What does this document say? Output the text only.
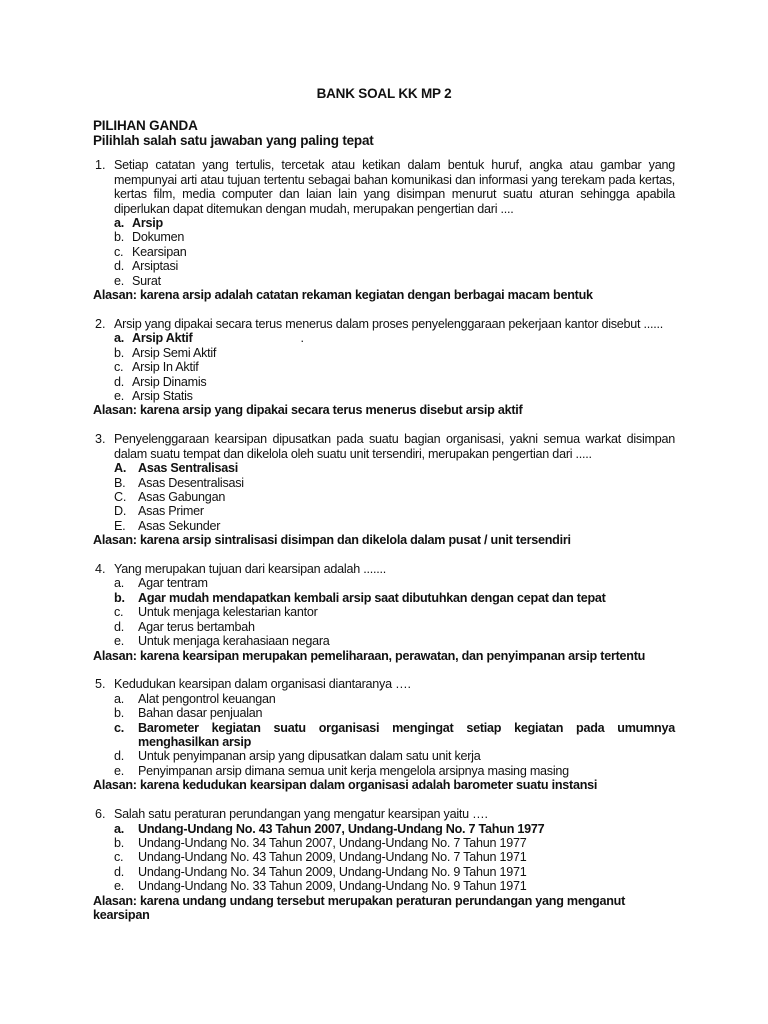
BANK SOAL KK MP 2
PILIHAN GANDA
Pilihlah salah satu jawaban yang paling tepat
1. Setiap catatan yang tertulis, tercetak atau ketikan dalam bentuk huruf, angka atau gambar yang mempunyai arti atau tujuan tertentu sebagai bahan komunikasi dan informasi yang terekam pada kertas, kertas film, media computer dan laian lain yang disimpan menurut suatu aturan sehingga apabila diperlukan dapat ditemukan dengan mudah, merupakan pengertian dari ....
a. Arsip
b. Dokumen
c. Kearsipan
d. Arsiptasi
e. Surat
Alasan: karena arsip adalah catatan rekaman kegiatan dengan berbagai macam bentuk
2. Arsip yang dipakai secara terus menerus dalam proses penyelenggaraan pekerjaan kantor disebut ......
a. Arsip Aktif	.
b. Arsip Semi Aktif
c. Arsip In Aktif
d. Arsip Dinamis
e. Arsip Statis
Alasan: karena arsip yang dipakai secara terus menerus disebut arsip aktif
3. Penyelenggaraan kearsipan dipusatkan pada suatu bagian organisasi, yakni semua warkat disimpan dalam suatu tempat dan dikelola oleh suatu unit tersendiri, merupakan pengertian dari .....
A. Asas Sentralisasi
B. Asas Desentralisasi
C. Asas Gabungan
D. Asas Primer
E. Asas Sekunder
Alasan: karena arsip sintralisasi disimpan dan dikelola dalam pusat / unit tersendiri
4. Yang merupakan tujuan dari kearsipan adalah .......
a.	Agar tentram
b.	Agar mudah mendapatkan kembali arsip saat dibutuhkan dengan cepat dan tepat
c.	Untuk menjaga kelestarian kantor
d.	Agar terus bertambah
e.	Untuk menjaga kerahasiaan negara
Alasan: karena kearsipan merupakan pemeliharaan, perawatan, dan penyimpanan arsip tertentu
5. Kedudukan kearsipan dalam organisasi diantaranya ….
a.	Alat pengontrol keuangan
b.	Bahan dasar penjualan
c.	Barometer kegiatan suatu organisasi mengingat setiap kegiatan pada umumnya menghasilkan arsip
d.	Untuk penyimpanan arsip yang dipusatkan dalam satu unit kerja
e.	Penyimpanan arsip dimana semua unit kerja mengelola arsipnya masing masing
Alasan: karena kedudukan kearsipan dalam organisasi adalah barometer suatu instansi
6. Salah satu peraturan perundangan yang mengatur kearsipan yaitu ….
a.	Undang-Undang No. 43 Tahun 2007, Undang-Undang No. 7 Tahun 1977
b.	Undang-Undang No. 34 Tahun 2007, Undang-Undang No. 7 Tahun 1977
c.	Undang-Undang No. 43 Tahun 2009, Undang-Undang No. 7 Tahun 1971
d.	Undang-Undang No. 34 Tahun 2009, Undang-Undang No. 9 Tahun 1971
e.	Undang-Undang No. 33 Tahun 2009, Undang-Undang No. 9 Tahun 1971
Alasan: karena undang undang tersebut merupakan peraturan perundangan yang menganut kearsipan
